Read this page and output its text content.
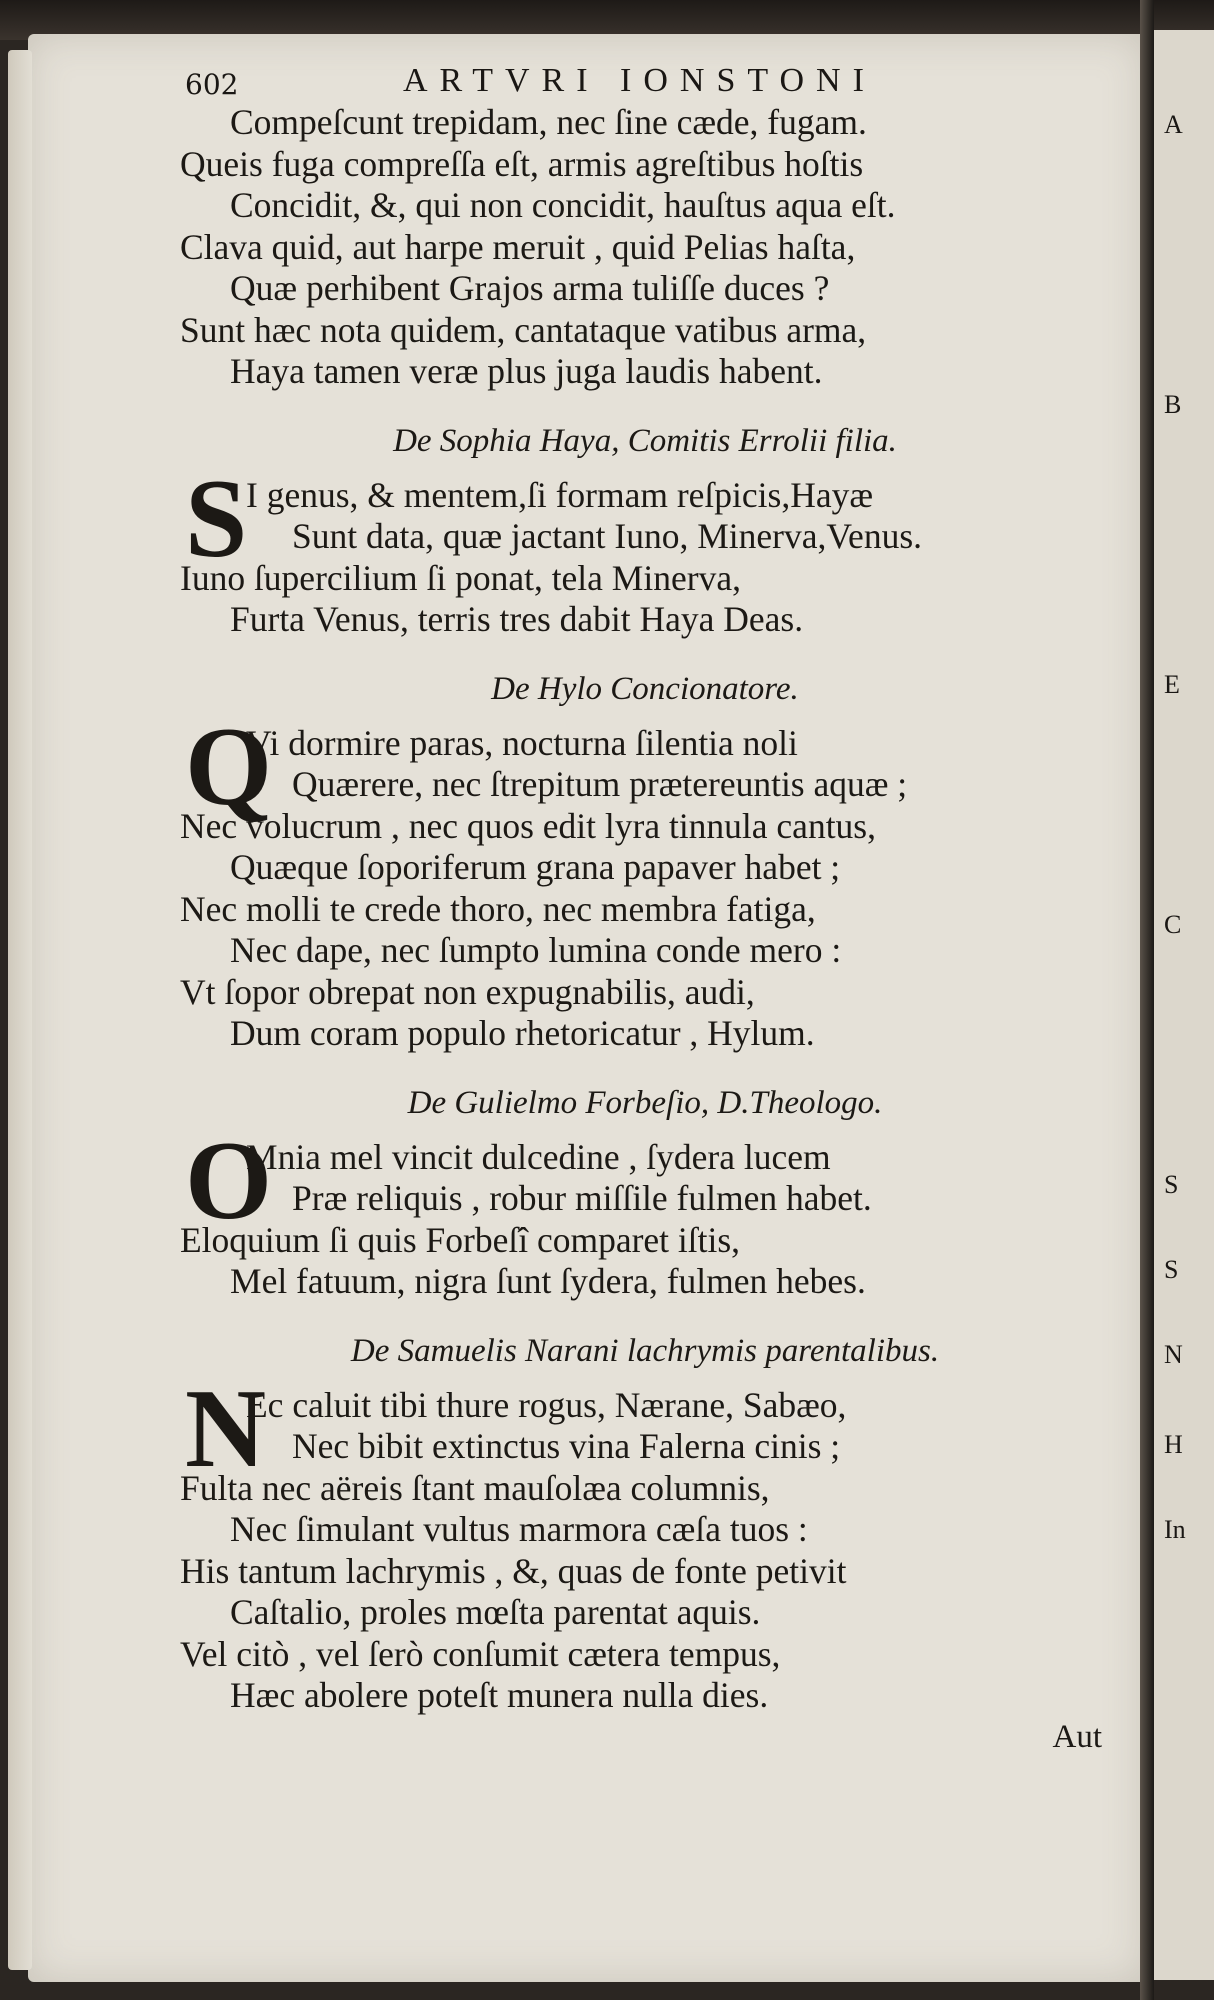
A
B
E
C
S
S
N
H
In
602	ARTVRI IONSTONI
Compeſcunt trepidam, nec ſine cæde, fugam.
Queis fuga compreſſa eſt, armis agreſtibus hoſtis
Concidit, &, qui non concidit, hauſtus aqua eſt.
Clava quid, aut harpe meruit , quid Pelias haſta,
Quæ perhibent Grajos arma tuliſſe duces ?
Sunt hæc nota quidem, cantataque vatibus arma,
Haya tamen veræ plus juga laudis habent.
De Sophia Haya, Comitis Errolii filia.
S
I genus, & mentem,ſi formam reſpicis,Hayæ
Sunt data, quæ jactant Iuno, Minerva,Venus.
Iuno ſupercilium ſi ponat, tela Minerva,
Furta Venus, terris tres dabit Haya Deas.
De Hylo Concionatore.
Q
Vi dormire paras, nocturna ſilentia noli
Quærere, nec ſtrepitum prætereuntis aquæ ;
Nec volucrum , nec quos edit lyra tinnula cantus,
Quæque ſoporiferum grana papaver habet ;
Nec molli te crede thoro, nec membra fatiga,
Nec dape, nec ſumpto lumina conde mero :
Vt ſopor obrepat non expugnabilis, audi,
Dum coram populo rhetoricatur , Hylum.
De Gulielmo Forbeſio, D.Theologo.
O
Mnia mel vincit dulcedine , ſydera lucem
Præ reliquis , robur miſſile fulmen habet.
Eloquium ſi quis Forbeſî comparet iſtis,
Mel fatuum, nigra ſunt ſydera, fulmen hebes.
De Samuelis Narani lachrymis parentalibus.
N
Ec caluit tibi thure rogus, Nærane, Sabæo,
Nec bibit extinctus vina Falerna cinis ;
Fulta nec aëreis ſtant mauſolæa columnis,
Nec ſimulant vultus marmora cæſa tuos :
His tantum lachrymis , &, quas de fonte petivit
Caſtalio, proles mœſta parentat aquis.
Vel citò , vel ſerò conſumit cætera tempus,
Hæc abolere poteſt munera nulla dies.
Aut
